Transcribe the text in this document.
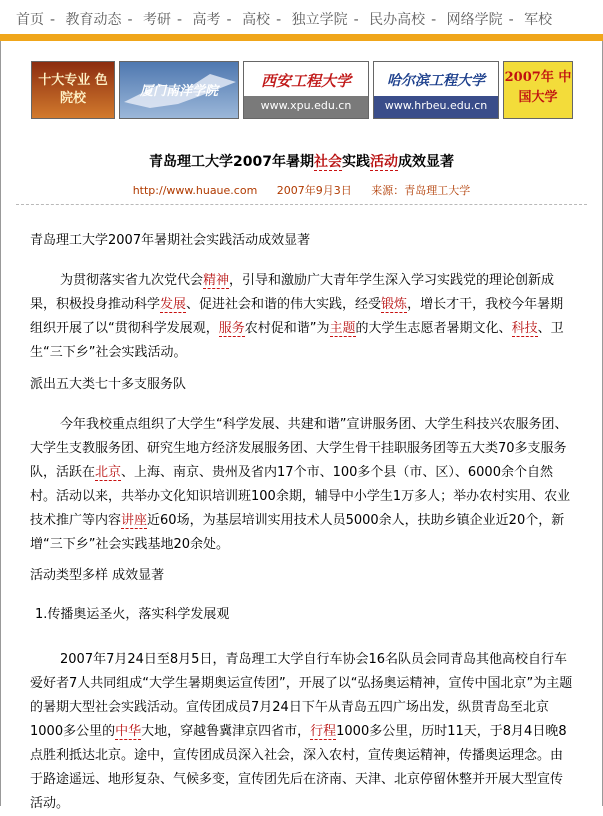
首页 - 教育动态 - 考研 - 高考 - 高校 - 独立学院 - 民办高校 - 网络学院 - 军校
十大专业 色院校	厦门南洋学院
西安工程大学
www.xpu.edu.cn
哈尔滨工程大学
www.hrbeu.edu.cn
2007年 中国大学
青岛理工大学2007年暑期社会实践活动成效显著
http://www.huaue.com 2007年9月3日 来源：青岛理工大学
青岛理工大学2007年暑期社会实践活动成效显著
为贯彻落实省九次党代会精神，引导和激励广大青年学生深入学习实践党的理论创新成果，积极投身推动科学发展、促进社会和谐的伟大实践，经受锻炼，增长才干，我校今年暑期组织开展了以“贯彻科学发展观，服务农村促和谐”为主题的大学生志愿者暑期文化、科技、卫生“三下乡”社会实践活动。
派出五大类七十多支服务队
今年我校重点组织了大学生“科学发展、共建和谐”宣讲服务团、大学生科技兴农服务团、大学生支教服务团、研究生地方经济发展服务团、大学生骨干挂职服务团等五大类70多支服务队，活跃在北京、上海、南京、贵州及省内17个市、100多个县（市、区）、6000余个自然村。活动以来，共举办文化知识培训班100余期，辅导中小学生1万多人；举办农村实用、农业技术推广等内容讲座近60场，为基层培训实用技术人员5000余人，扶助乡镇企业近20个，新增“三下乡”社会实践基地20余处。
活动类型多样 成效显著
1.传播奥运圣火，落实科学发展观
2007年7月24日至8月5日，青岛理工大学自行车协会16名队员会同青岛其他高校自行车爱好者7人共同组成“大学生暑期奥运宣传团”，开展了以“弘扬奥运精神，宣传中国北京”为主题的暑期大型社会实践活动。宣传团成员7月24日下午从青岛五四广场出发，纵贯青岛至北京1000多公里的中华大地，穿越鲁冀津京四省市，行程1000多公里，历时11天，于8月4日晚8点胜利抵达北京。途中，宣传团成员深入社会，深入农村，宣传奥运精神，传播奥运理念。由于路途遥远、地形复杂、气候多变，宣传团先后在济南、天津、北京停留休整并开展大型宣传活动。
